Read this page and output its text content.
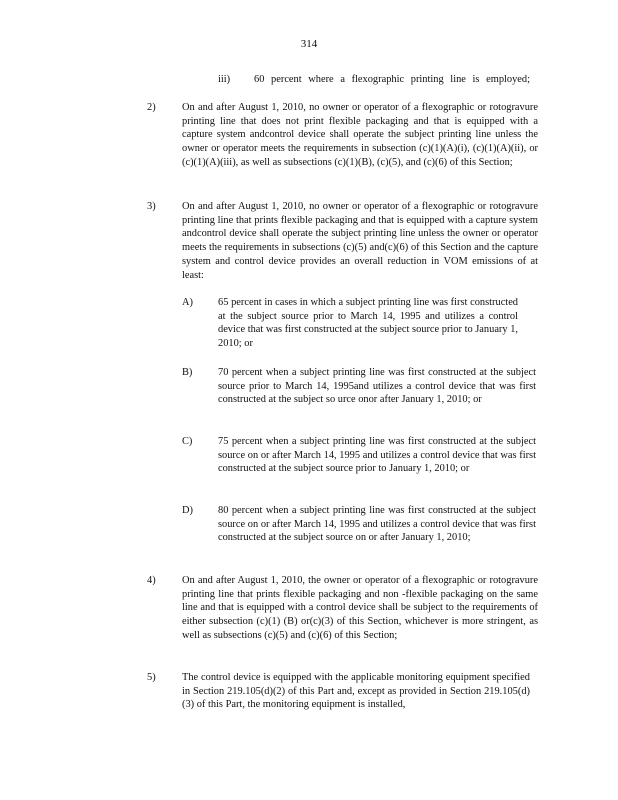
314
iii) 60 percent where a flexographic printing line is employed;
2)	On and after August 1, 2010, no owner or operator of a flexographic or rotogravure printing line that does not print flexible packaging and that is equipped with a capture system andcontrol device shall operate the subject printing line unless the owner or operator meets the requirements in subsection (c)(1)(A)(i), (c)(1)(A)(ii), or (c)(1)(A)(iii), as well as subsections (c)(1)(B), (c)(5), and (c)(6) of this Section;
3)	On and after August 1, 2010, no owner or operator of a flexographic or rotogravure printing line that prints flexible packaging and that is equipped with a capture system andcontrol device shall operate the subject printing line unless the owner or operator meets the requirements in subsections (c)(5) and(c)(6) of this Section and the capture system and control device provides an overall reduction in VOM emissions of at least:
A) 65 percent in cases in which a subject printing line was first constructed at the subject source prior to March 14, 1995 and utilizes a control device that was first constructed at the subject source prior to January 1, 2010; or
B) 70 percent when a subject printing line was first constructed at the subject source prior to March 14, 1995and utilizes a control device that was first constructed at the subject so urce onor after January 1, 2010; or
C) 75 percent when a subject printing line was first constructed at the subject source on or after March 14, 1995 and utilizes a control device that was first constructed at the subject source prior to January 1, 2010; or
D) 80 percent when a subject printing line was first constructed at the subject source on or after March 14, 1995 and utilizes a control device that was first constructed at the subject source on or after January 1, 2010;
4)	On and after August 1, 2010, the owner or operator of a flexographic or rotogravure printing line that prints flexible packaging and non -flexible packaging on the same line and that is equipped with a control device shall be subject to the requirements of either subsection (c)(1) (B) or(c)(3) of this Section, whichever is more stringent, as well as subsections (c)(5) and (c)(6) of this Section;
5)	The control device is equipped with the applicable monitoring equipment specified in Section 219.105(d)(2) of this Part and, except as provided in Section 219.105(d)(3) of this Part, the monitoring equipment is installed,
